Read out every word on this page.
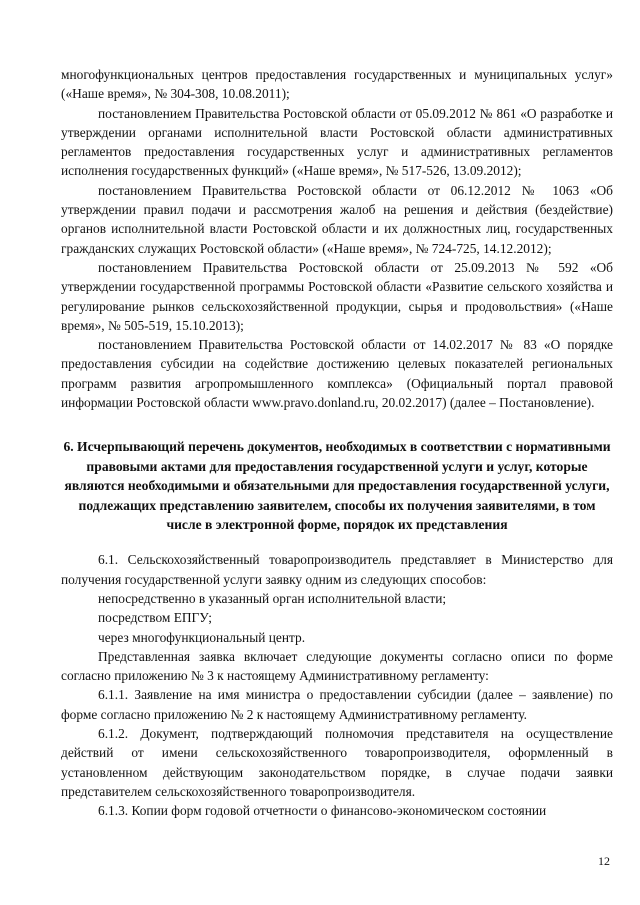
многофункциональных центров предоставления государственных и муниципальных услуг» («Наше время», № 304-308, 10.08.2011);

постановлением Правительства Ростовской области от 05.09.2012 № 861 «О разработке и утверждении органами исполнительной власти Ростовской области административных регламентов предоставления государственных услуг и административных регламентов исполнения государственных функций» («Наше время», № 517-526, 13.09.2012);

постановлением Правительства Ростовской области от 06.12.2012 № 1063 «Об утверждении правил подачи и рассмотрения жалоб на решения и действия (бездействие) органов исполнительной власти Ростовской области и их должностных лиц, государственных гражданских служащих Ростовской области» («Наше время», № 724-725, 14.12.2012);

постановлением Правительства Ростовской области от 25.09.2013 № 592 «Об утверждении государственной программы Ростовской области «Развитие сельского хозяйства и регулирование рынков сельскохозяйственной продукции, сырья и продовольствия» («Наше время», № 505-519, 15.10.2013);

постановлением Правительства Ростовской области от 14.02.2017 № 83 «О порядке предоставления субсидии на содействие достижению целевых показателей региональных программ развития агропромышленного комплекса» (Официальный портал правовой информации Ростовской области www.pravo.donland.ru, 20.02.2017) (далее – Постановление).

6. Исчерпывающий перечень документов, необходимых в соответствии с нормативными правовыми актами для предоставления государственной услуги и услуг, которые являются необходимыми и обязательными для предоставления государственной услуги, подлежащих представлению заявителем, способы их получения заявителями, в том числе в электронной форме, порядок их представления

6.1. Сельскохозяйственный товаропроизводитель представляет в Министерство для получения государственной услуги заявку одним из следующих способов:

непосредственно в указанный орган исполнительной власти;

посредством ЕПГУ;

через многофункциональный центр.

Представленная заявка включает следующие документы согласно описи по форме согласно приложению № 3 к настоящему Административному регламенту:

6.1.1. Заявление на имя министра о предоставлении субсидии (далее – заявление) по форме согласно приложению № 2 к настоящему Административному регламенту.

6.1.2. Документ, подтверждающий полномочия представителя на осуществление действий от имени сельскохозяйственного товаропроизводителя, оформленный в установленном действующим законодательством порядке, в случае подачи заявки представителем сельскохозяйственного товаропроизводителя.

6.1.3. Копии форм годовой отчетности о финансово-экономическом состоянии

12
